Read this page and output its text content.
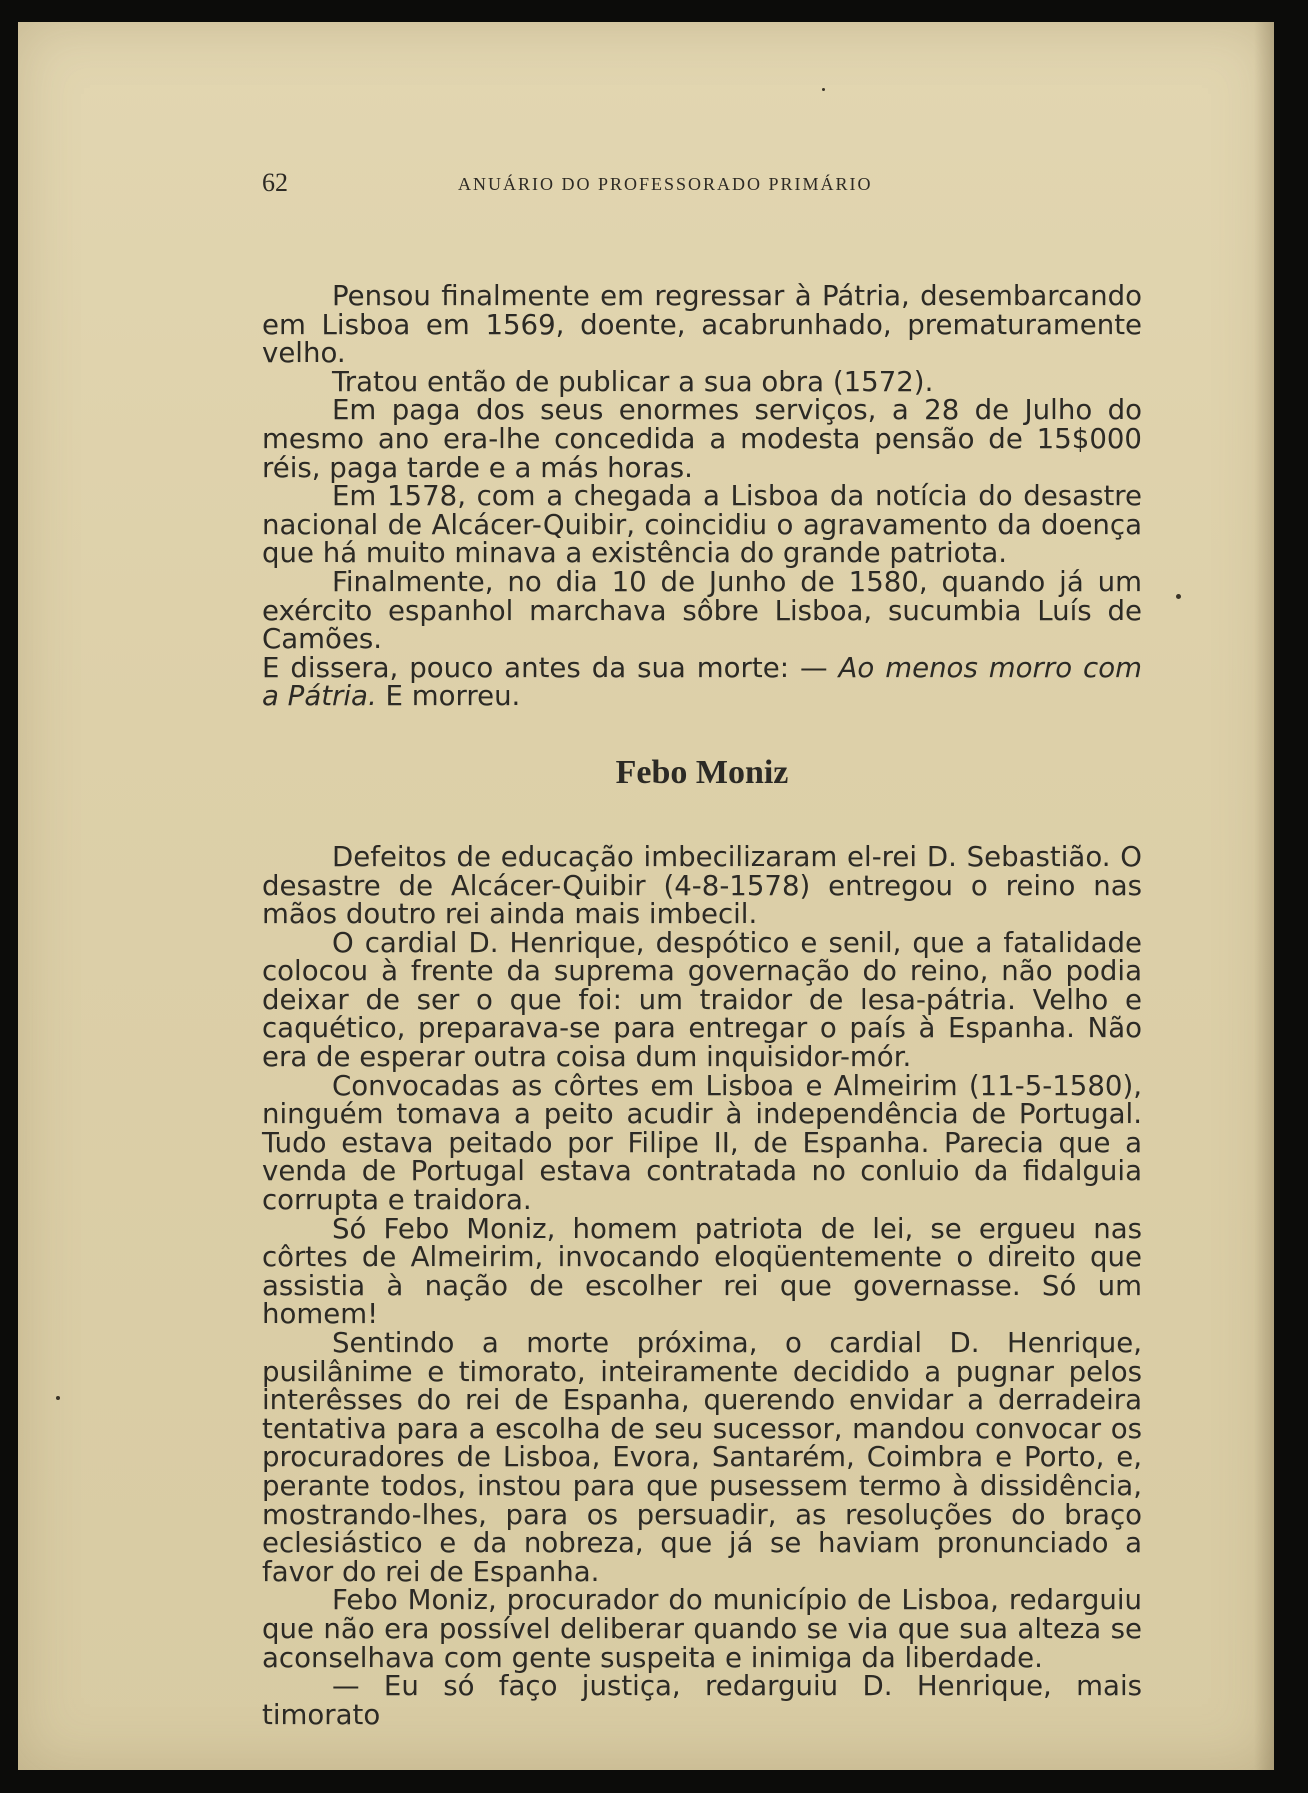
62	ANUÁRIO DO PROFESSORADO PRIMÁRIO

Pensou finalmente em regressar à Pátria, desembarcando em Lisboa em 1569, doente, acabrunhado, prematuramente velho.

Tratou então de publicar a sua obra (1572).

Em paga dos seus enormes serviços, a 28 de Julho do mesmo ano era-lhe concedida a modesta pensão de 15$000 réis, paga tarde e a más horas.

Em 1578, com a chegada a Lisboa da notícia do desastre nacional de Alcácer-Quibir, coincidiu o agravamento da doença que há muito minava a existência do grande patriota.

Finalmente, no dia 10 de Junho de 1580, quando já um exército espanhol marchava sôbre Lisboa, sucumbia Luís de Camões.

E dissera, pouco antes da sua morte: — Ao menos morro com a Pátria. E morreu.

Febo Moniz

Defeitos de educação imbecilizaram el-rei D. Sebastião. O desastre de Alcácer-Quibir (4-8-1578) entregou o reino nas mãos doutro rei ainda mais imbecil.

O cardial D. Henrique, despótico e senil, que a fatalidade colocou à frente da suprema governação do reino, não podia deixar de ser o que foi: um traidor de lesa-pátria. Velho e caquético, preparava-se para entregar o país à Espanha. Não era de esperar outra coisa dum inquisidor-mór.

Convocadas as côrtes em Lisboa e Almeirim (11-5-1580), ninguém tomava a peito acudir à independência de Portugal. Tudo estava peitado por Filipe II, de Espanha. Parecia que a venda de Portugal estava contratada no conluio da fidalguia corrupta e traidora.

Só Febo Moniz, homem patriota de lei, se ergueu nas côrtes de Almeirim, invocando eloqüentemente o direito que assistia à nação de escolher rei que governasse. Só um homem!

Sentindo a morte próxima, o cardial D. Henrique, pusilânime e timorato, inteiramente decidido a pugnar pelos interêsses do rei de Espanha, querendo envidar a derradeira tentativa para a escolha de seu sucessor, mandou convocar os procuradores de Lisboa, Evora, Santarém, Coimbra e Porto, e, perante todos, instou para que pusessem termo à dissidência, mostrando-lhes, para os persuadir, as resoluções do braço eclesiástico e da nobreza, que já se haviam pronunciado a favor do rei de Espanha.

Febo Moniz, procurador do município de Lisboa, redarguiu que não era possível deliberar quando se via que sua alteza se aconselhava com gente suspeita e inimiga da liberdade.

— Eu só faço justiça, redarguiu D. Henrique, mais timorato
